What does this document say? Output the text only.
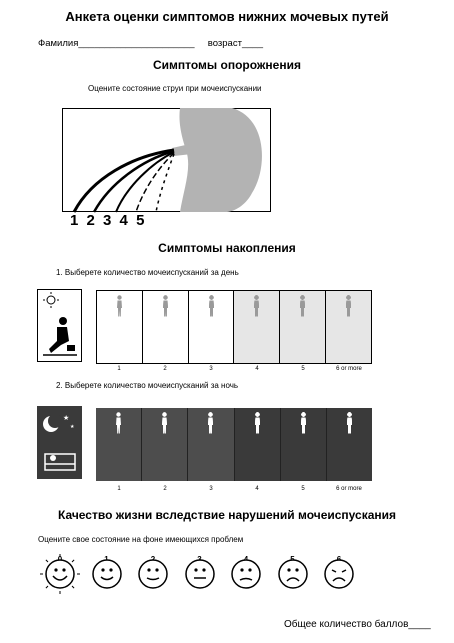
Анкета оценки симптомов нижних мочевых путей
Фамилия______________________ возраст____
Симптомы опорожнения
Оцените состояние струи при мочеиспускании
1 2 3 4 5
Симптомы накопления
1. Выберете количество мочеиспусканий за день
1	2	3	4	5	6 or more
2. Выберете количество мочеиспусканий за ночь
★
★
1	2	3	4	5	6 or more
Качество жизни вследствие нарушений мочеиспускания
Оцените свое состояние на фоне имеющихся проблем
Общее количество баллов____
